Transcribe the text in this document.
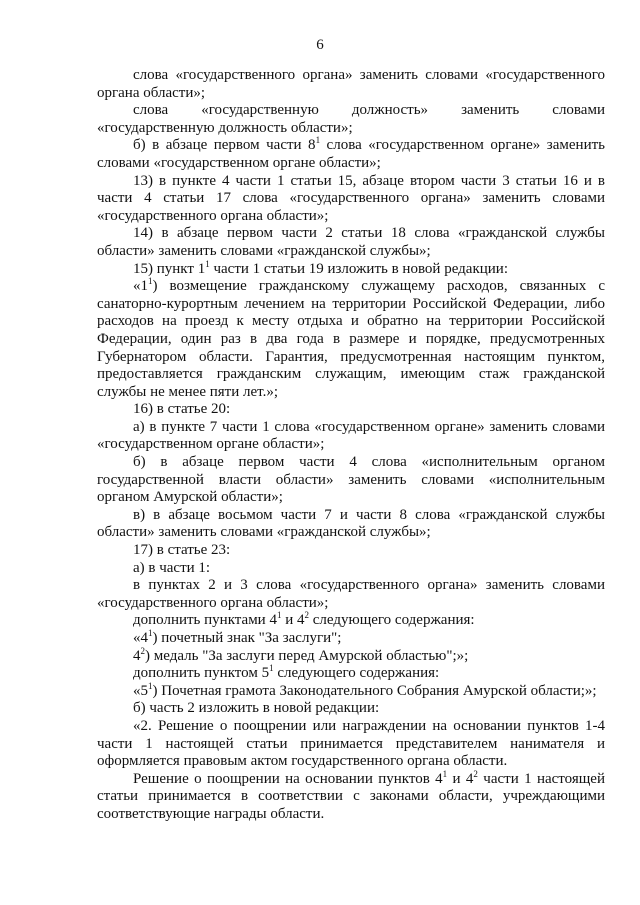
6

слова «государственного органа» заменить словами «государственного органа области»;

слова «государственную должность» заменить словами

«государственную должность области»;

б) в абзаце первом части $8^1$ слова «государственном органе» заменить словами «государственном органе области»;

13) в пункте 4 части 1 статьи 15, абзаце втором части 3 статьи 16 и в части 4 статьи 17 слова «государственного органа» заменить словами «государственного органа области»;

14) в абзаце первом части 2 статьи 18 слова «гражданской службы области» заменить словами «гражданской службы»;

15) пункт $1^1$ части 1 статьи 19 изложить в новой редакции:

«$1^1$) возмещение гражданскому служащему расходов, связанных с санаторно-курортным лечением на территории Российской Федерации, либо расходов на проезд к месту отдыха и обратно на территории Российской Федерации, один раз в два года в размере и порядке, предусмотренных Губернатором области. Гарантия, предусмотренная настоящим пунктом, предоставляется гражданским служащим, имеющим стаж гражданской службы не менее пяти лет.»;

16) в статье 20:

а) в пункте 7 части 1 слова «государственном органе» заменить словами «государственном органе области»;

б) в абзаце первом части 4 слова «исполнительным органом государственной власти области» заменить словами «исполнительным органом Амурской области»;

в) в абзаце восьмом части 7 и части 8 слова «гражданской службы области» заменить словами «гражданской службы»;

17) в статье 23:

а) в части 1:

в пунктах 2 и 3 слова «государственного органа» заменить словами «государственного органа области»;

дополнить пунктами $4^1$ и $4^2$ следующего содержания:

«$4^1$) почетный знак "За заслуги";

$4^2$) медаль "За заслуги перед Амурской областью";»;

дополнить пунктом $5^1$ следующего содержания:

«$5^1$) Почетная грамота Законодательного Собрания Амурской области;»;

б) часть 2 изложить в новой редакции:

«2. Решение о поощрении или награждении на основании пунктов 1-4 части 1 настоящей статьи принимается представителем нанимателя и оформляется правовым актом государственного органа области.

Решение о поощрении на основании пунктов $4^1$ и $4^2$ части 1 настоящей статьи принимается в соответствии с законами области, учреждающими соответствующие награды области.
